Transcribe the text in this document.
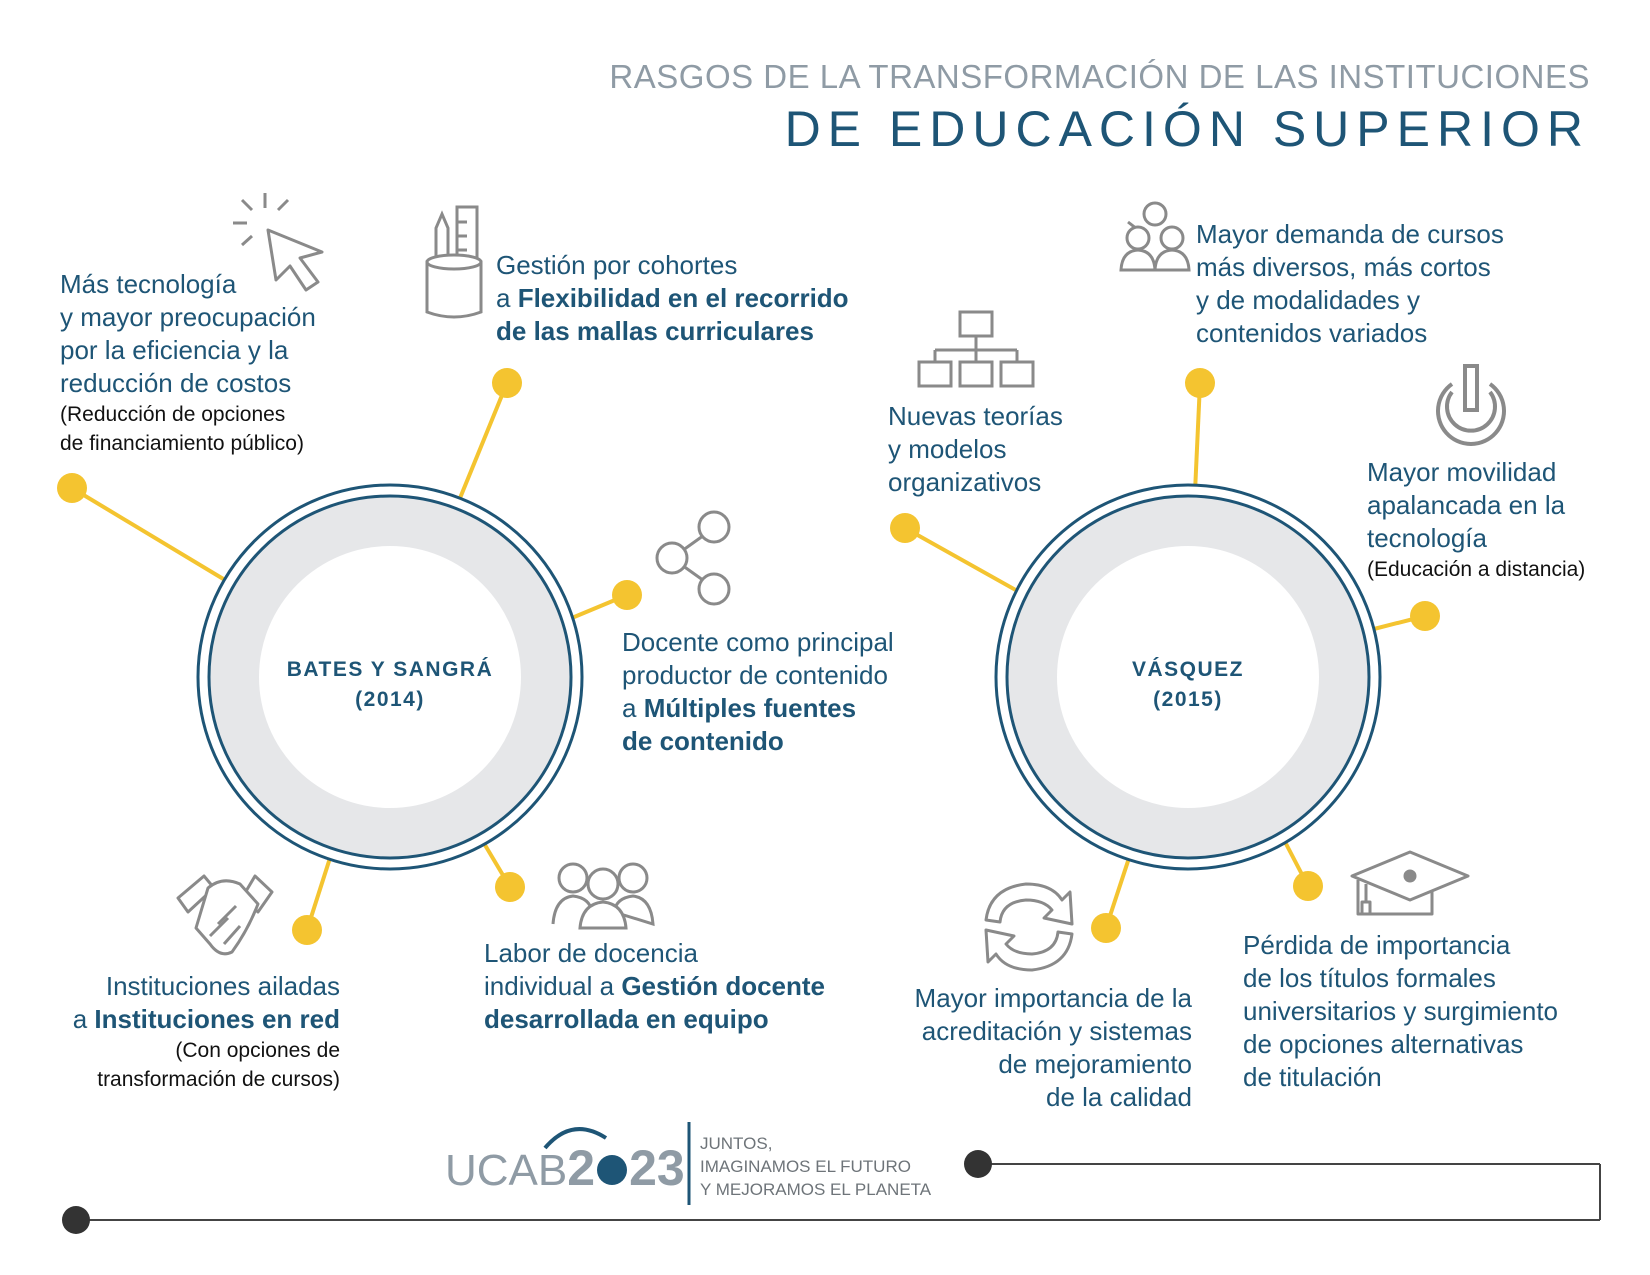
RASGOS DE LA TRANSFORMACIÓN DE LAS INSTITUCIONES
DE EDUCACIÓN SUPERIOR
BATES Y SANGRÁ
(2014)
VÁSQUEZ
(2015)
Más tecnología
y mayor preocupación
por la eficiencia y la
reducción de costos
(Reducción de opciones
de financiamiento público)
Gestión por cohortes
a Flexibilidad en el recorrido
de las mallas curriculares
Docente como principal
productor de contenido
a Múltiples fuentes
de contenido
Labor de docencia
individual a Gestión docente
desarrollada en equipo
Instituciones ailadas
a Instituciones en red
(Con opciones de
transformación de cursos)
Nuevas teorías
y modelos
organizativos
Mayor demanda de cursos
más diversos, más cortos
y de modalidades y
contenidos variados
Mayor movilidad
apalancada en la
tecnología
(Educación a distancia)
Pérdida de importancia
de los títulos formales
universitarios y surgimiento
de opciones alternativas
de titulación
Mayor importancia de la
acreditación y sistemas
de mejoramiento
de la calidad
UCAB2 23 JUNTOS,
IMAGINAMOS EL FUTURO
Y MEJORAMOS EL PLANETA
